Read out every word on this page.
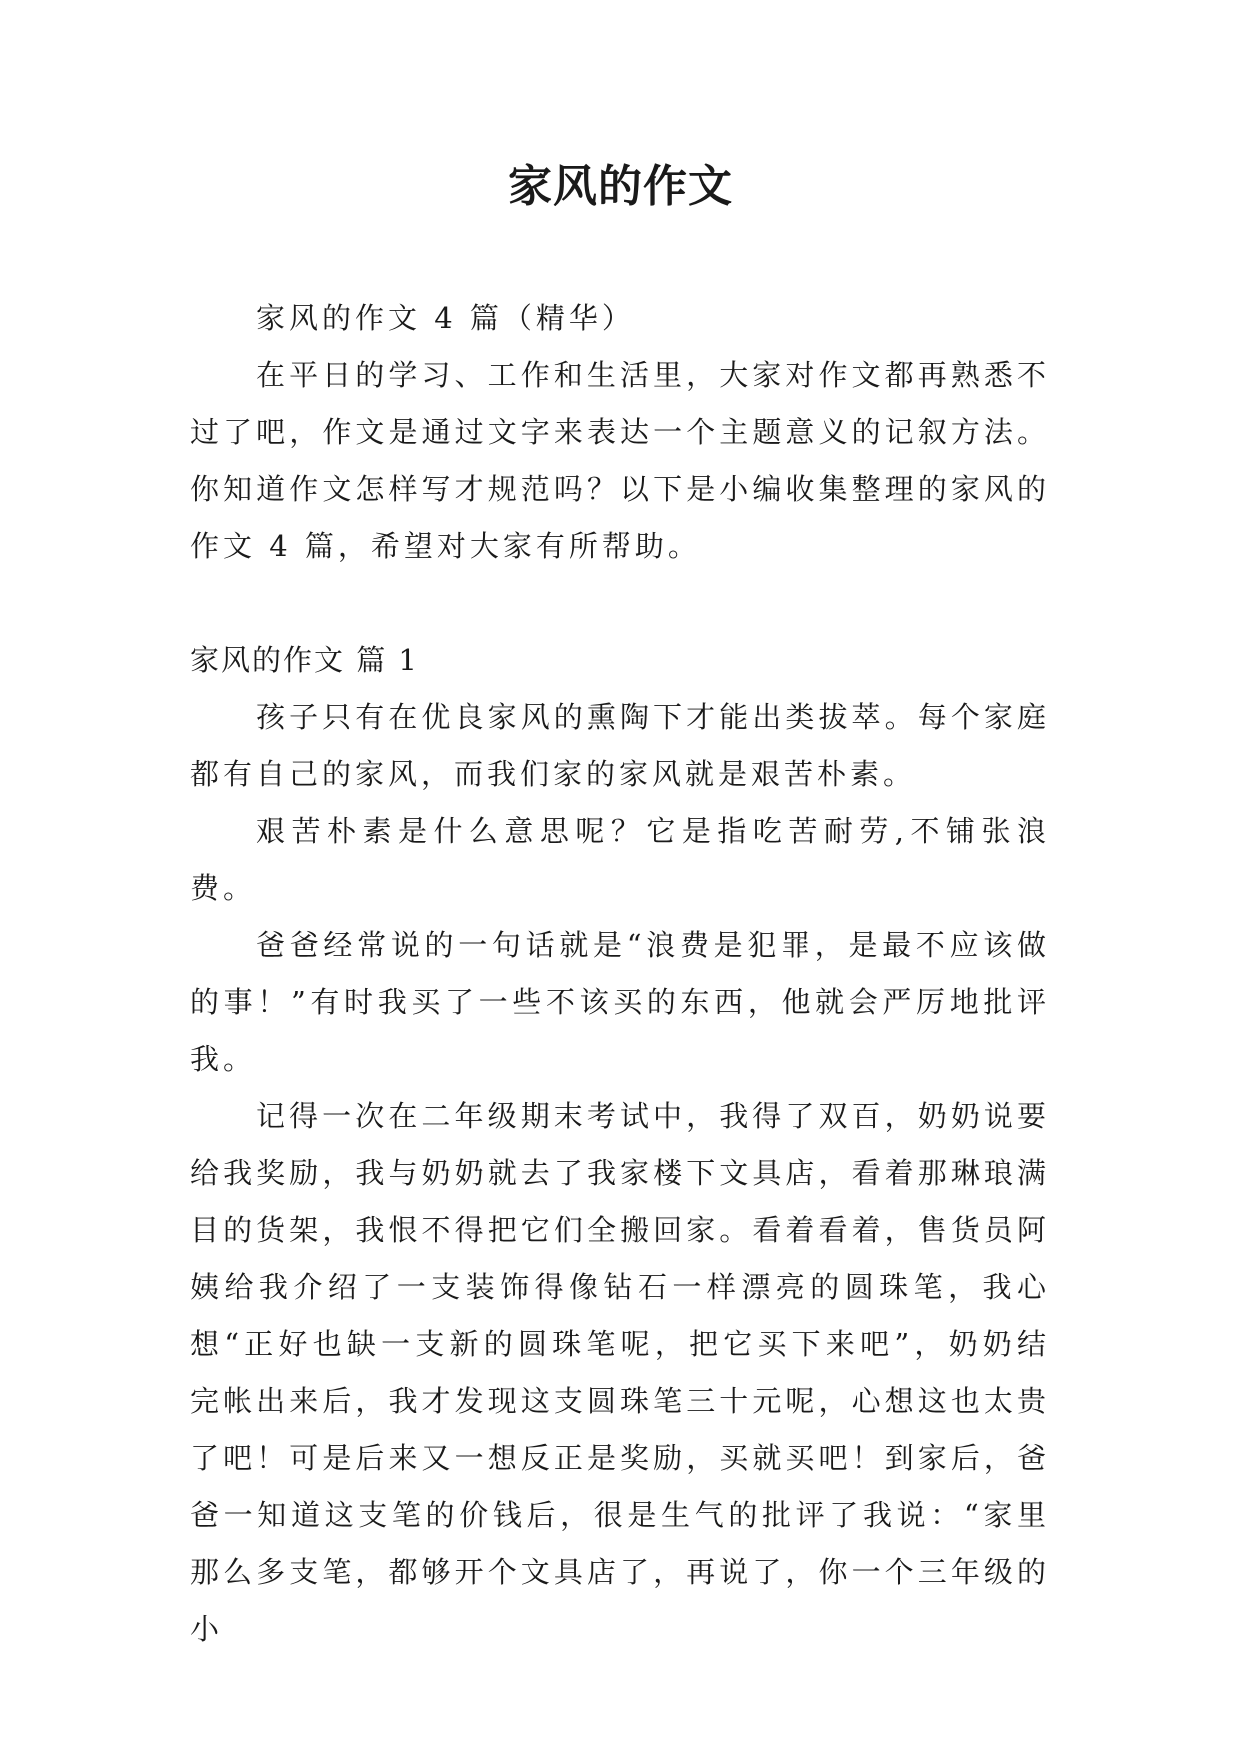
家风的作文

家风的作文 4 篇（精华）

在平日的学习、工作和生活里，大家对作文都再熟悉不过了吧，作文是通过文字来表达一个主题意义的记叙方法。你知道作文怎样写才规范吗？以下是小编收集整理的家风的作文 4 篇，希望对大家有所帮助。

家风的作文 篇 1

孩子只有在优良家风的熏陶下才能出类拔萃。每个家庭都有自己的家风，而我们家的家风就是艰苦朴素。

艰苦朴素是什么意思呢？它是指吃苦耐劳,不铺张浪费。

爸爸经常说的一句话就是“浪费是犯罪，是最不应该做的事！”有时我买了一些不该买的东西，他就会严厉地批评我。

记得一次在二年级期末考试中，我得了双百，奶奶说要给我奖励，我与奶奶就去了我家楼下文具店，看着那琳琅满目的货架，我恨不得把它们全搬回家。看着看着，售货员阿姨给我介绍了一支装饰得像钻石一样漂亮的圆珠笔，我心想“正好也缺一支新的圆珠笔呢，把它买下来吧”，奶奶结完帐出来后，我才发现这支圆珠笔三十元呢，心想这也太贵了吧！可是后来又一想反正是奖励，买就买吧！到家后，爸爸一知道这支笔的价钱后，很是生气的批评了我说：“家里那么多支笔，都够开个文具店了，再说了，你一个三年级的小
